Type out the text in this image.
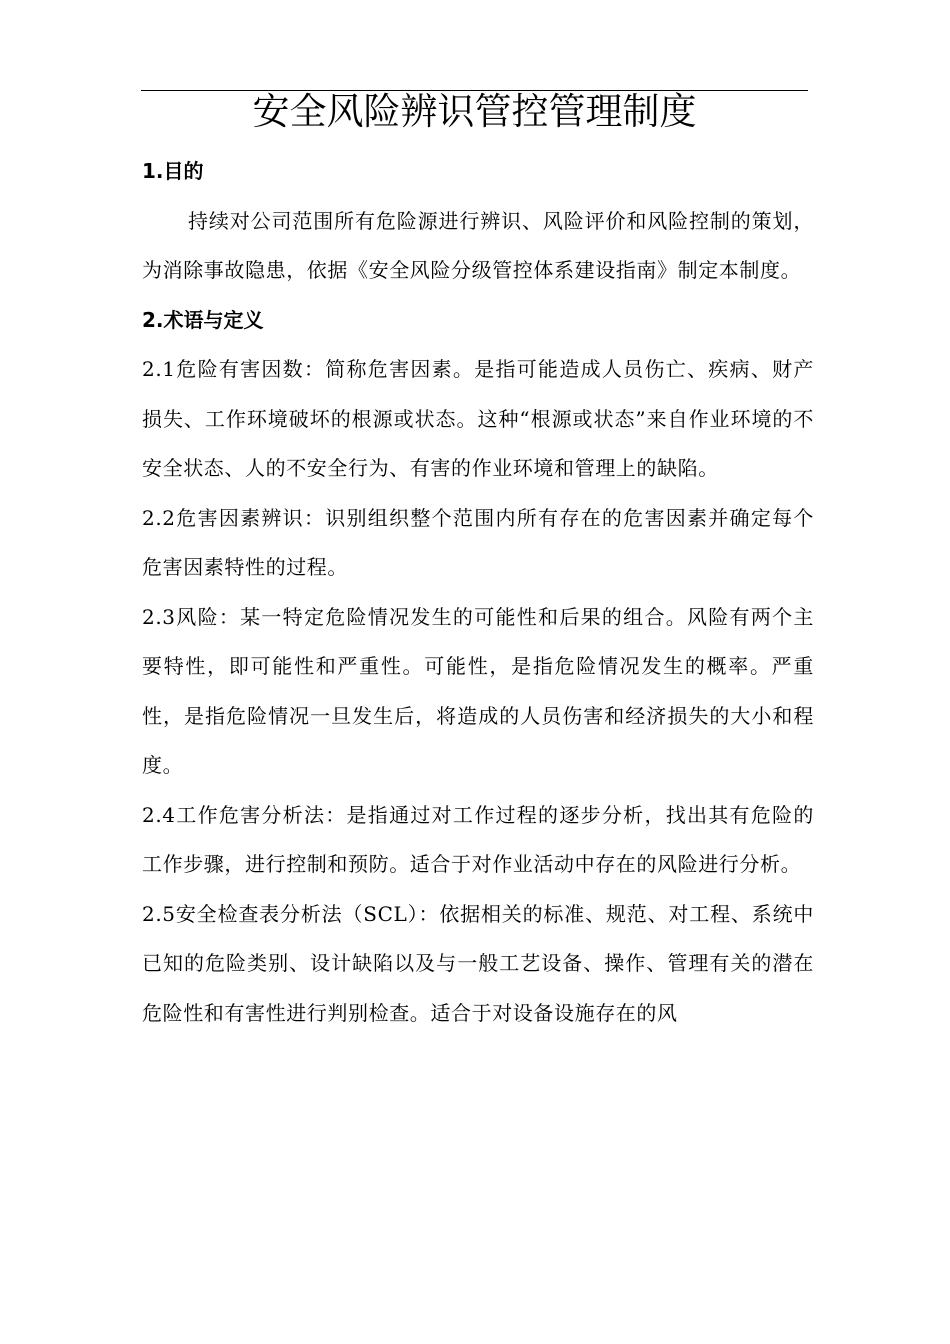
安全风险辨识管控管理制度
1.目的

持续对公司范围所有危险源进行辨识、风险评价和风险控制的策划，为消除事故隐患，依据《安全风险分级管控体系建设指南》制定本制度。

2.术语与定义

2.1危险有害因数：简称危害因素。是指可能造成人员伤亡、疾病、财产损失、工作环境破坏的根源或状态。这种“根源或状态”来自作业环境的不安全状态、人的不安全行为、有害的作业环境和管理上的缺陷。

2.2危害因素辨识：识别组织整个范围内所有存在的危害因素并确定每个危害因素特性的过程。

2.3风险：某一特定危险情况发生的可能性和后果的组合。风险有两个主要特性，即可能性和严重性。可能性，是指危险情况发生的概率。严重性，是指危险情况一旦发生后，将造成的人员伤害和经济损失的大小和程度。

2.4工作危害分析法：是指通过对工作过程的逐步分析，找出其有危险的工作步骤，进行控制和预防。适合于对作业活动中存在的风险进行分析。

2.5安全检查表分析法（SCL）：依据相关的标准、规范、对工程、系统中已知的危险类别、设计缺陷以及与一般工艺设备、操作、管理有关的潜在危险性和有害性进行判别检查。适合于对设备设施存在的风
